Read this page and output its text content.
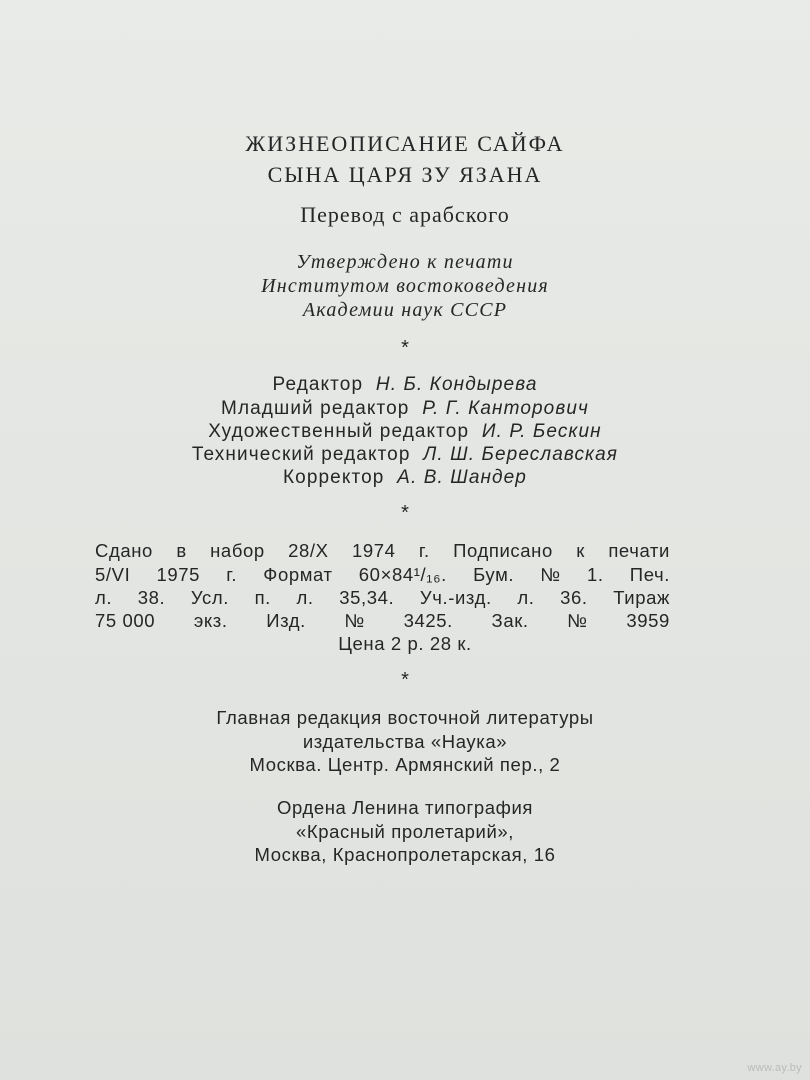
ЖИЗНЕОПИСАНИЕ САЙФА
СЫНА ЦАРЯ ЗУ ЯЗАНА
Перевод с арабского
Утверждено к печати
Институтом востоковедения
Академии наук СССР
*
Редактор Н. Б. Кондырева
Младший редактор Р. Г. Канторович
Художественный редактор И. Р. Бескин
Технический редактор Л. Ш. Береславская
Корректор А. В. Шандер
*
Сдано в набор 28/X 1974 г. Подписано к печати
5/VI 1975 г. Формат 60×84¹/₁₆. Бум. № 1. Печ.
л. 38. Усл. п. л. 35,34. Уч.-изд. л. 36. Тираж
75 000 экз. Изд. № 3425. Зак. № 3959
Цена 2 р. 28 к.
*
Главная редакция восточной литературы
издательства «Наука»
Москва. Центр. Армянский пер., 2
Ордена Ленина типография
«Красный пролетарий»,
Москва, Краснопролетарская, 16
www.ay.by
